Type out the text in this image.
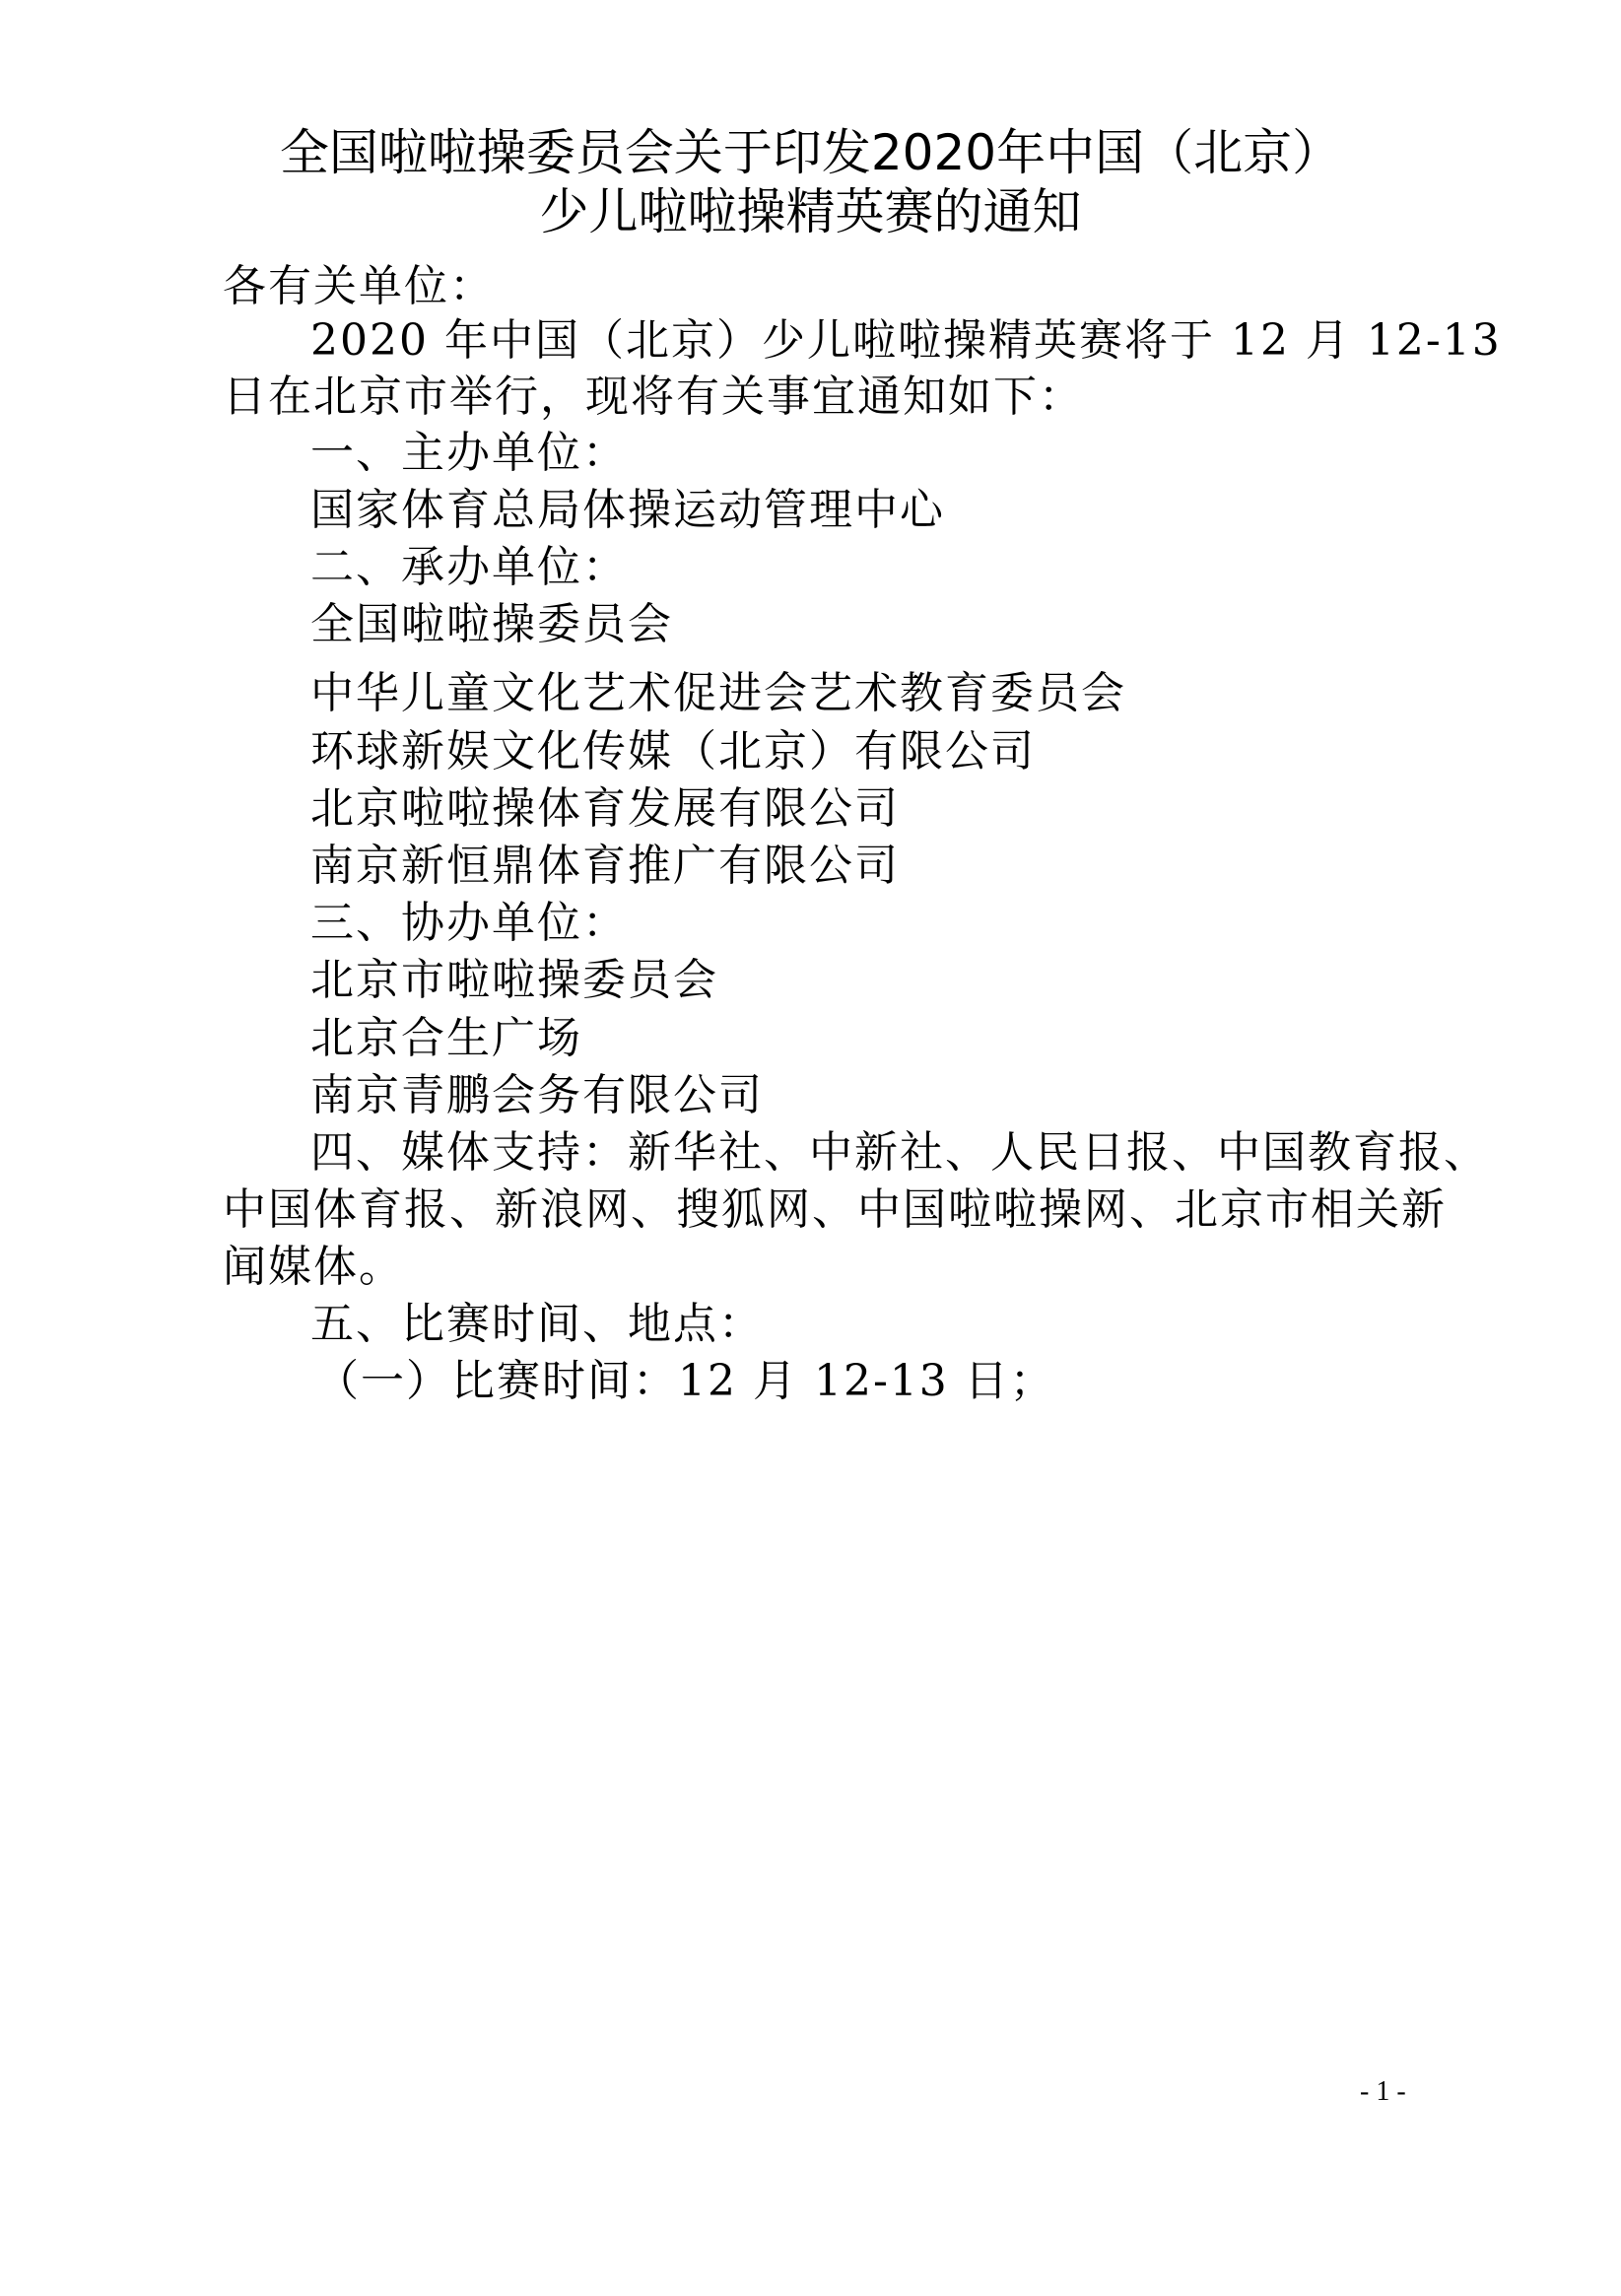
全国啦啦操委员会关于印发2020年中国（北京）
少儿啦啦操精英赛的通知
各有关单位：
2020 年中国（北京）少儿啦啦操精英赛将于 12 月 12-13
日在北京市举行，现将有关事宜通知如下：
一、主办单位：
国家体育总局体操运动管理中心
二、承办单位：
全国啦啦操委员会
中华儿童文化艺术促进会艺术教育委员会
环球新娱文化传媒（北京）有限公司
北京啦啦操体育发展有限公司
南京新恒鼎体育推广有限公司
三、协办单位：
北京市啦啦操委员会
北京合生广场
南京青鹏会务有限公司
四、媒体支持：新华社、中新社、人民日报、中国教育报、
中国体育报、新浪网、搜狐网、中国啦啦操网、北京市相关新
闻媒体。
五、比赛时间、地点：
（一）比赛时间：12 月 12-13 日；
- 1 -
